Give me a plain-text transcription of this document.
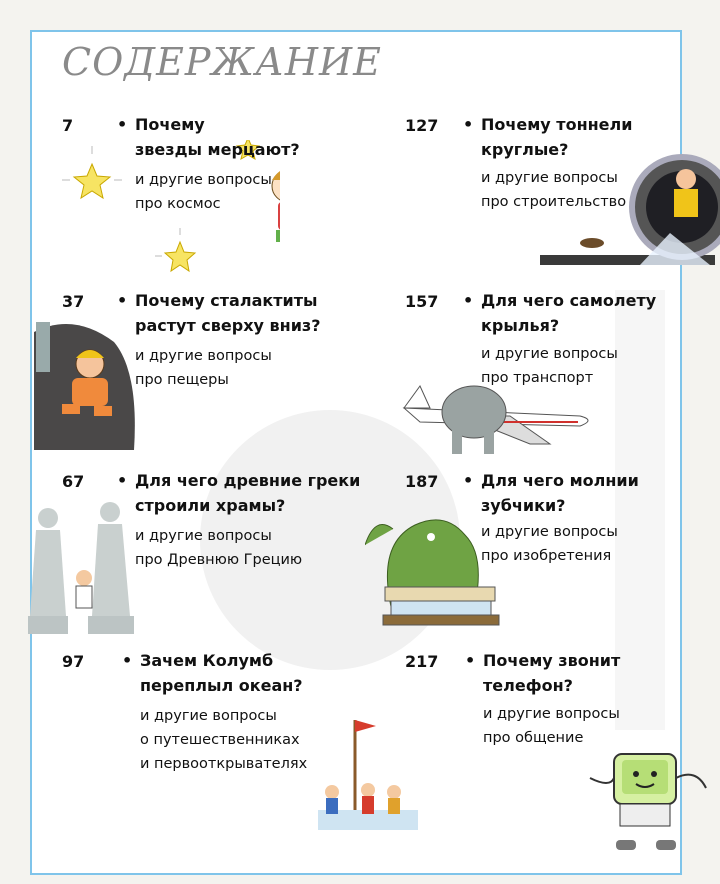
СОДЕРЖАНИЕ
7	• Почему
звезды мерцают?
и другие вопросы
про космос
37 • Почему сталактиты
растут сверху вниз?
и другие вопросы
про пещеры
67 • Для чего древние греки
строили храмы?
и другие вопросы
про Древнюю Грецию
97 • Зачем Колумб
переплыл океан?
и другие вопросы
о путешественниках
и первооткрывателях
127 • Почему тоннели
круглые?
и другие вопросы
про строительство
157 • Для чего самолету
крылья?
и другие вопросы
про транспорт
187 • Для чего молнии
зубчики?
и другие вопросы
про изобретения
217 • Почему звонит
телефон?
и другие вопросы
про общение
